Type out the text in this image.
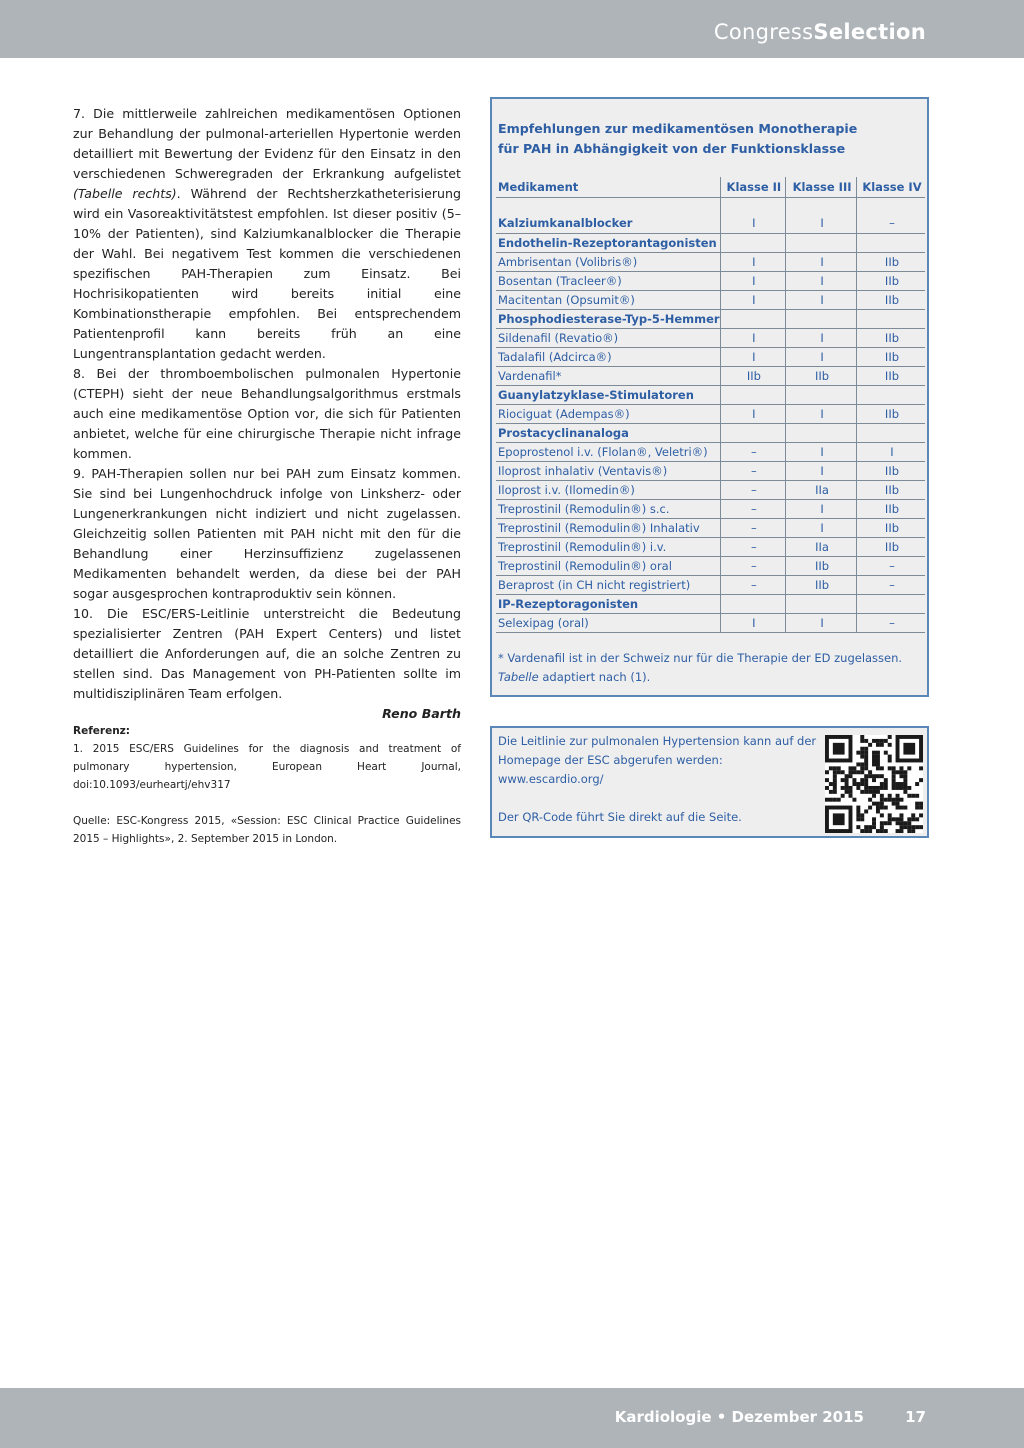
CongressSelection

7. Die mittlerweile zahlreichen medikamentösen Optionen zur Behandlung der pulmonal-arteriellen Hypertonie werden detailliert mit Bewertung der Evidenz für den Einsatz in den verschiedenen Schweregraden der Erkrankung aufgelistet (Tabelle rechts). Während der Rechtsherzkatheterisierung wird ein Vasoreaktivitätstest empfohlen. Ist dieser positiv (5–10% der Patienten), sind Kalziumkanalblocker die Therapie der Wahl. Bei negativem Test kommen die verschiedenen spezifischen PAH-Therapien zum Einsatz. Bei Hochrisikopatienten wird bereits initial eine Kombinationstherapie empfohlen. Bei entsprechendem Patientenprofil kann bereits früh an eine Lungentransplantation gedacht werden.

8. Bei der thromboembolischen pulmonalen Hypertonie (CTEPH) sieht der neue Behandlungsalgorithmus erstmals auch eine medikamentöse Option vor, die sich für Patienten anbietet, welche für eine chirurgische Therapie nicht infrage kommen.

9. PAH-Therapien sollen nur bei PAH zum Einsatz kommen. Sie sind bei Lungenhochdruck infolge von Linksherz- oder Lungenerkrankungen nicht indiziert und nicht zugelassen. Gleichzeitig sollen Patienten mit PAH nicht mit den für die Behandlung einer Herzinsuffizienz zugelassenen Medikamenten behandelt werden, da diese bei der PAH sogar ausgesprochen kontraproduktiv sein können.

10. Die ESC/ERS-Leitlinie unterstreicht die Bedeutung spezialisierter Zentren (PAH Expert Centers) und listet detailliert die Anforderungen auf, die an solche Zentren zu stellen sind. Das Management von PH-Patienten sollte im multidisziplinären Team erfolgen.

Reno Barth
Referenz:
1. 2015 ESC/ERS Guidelines for the diagnosis and treatment of pulmonary hypertension, European Heart Journal, doi:10.1093/eurheartj/ehv317
Quelle: ESC-Kongress 2015, «Session: ESC Clinical Practice Guidelines 2015 – Highlights», 2. September 2015 in London.
Empfehlungen zur medikamentösen Monotherapie
für PAH in Abhängigkeit von der Funktionsklasse
Medikament	Klasse II	Klasse III	Klasse IV

Kalziumkanalblocker	I	I	–
Endothelin-Rezeptorantagonisten			
Ambrisentan (Volibris®)	I	I	IIb
Bosentan (Tracleer®)	I	I	IIb
Macitentan (Opsumit®)	I	I	IIb
Phosphodiesterase-Typ-5-Hemmer			
Sildenafil (Revatio®)	I	I	IIb
Tadalafil (Adcirca®)	I	I	IIb
Vardenafil*	IIb	IIb	IIb
Guanylatzyklase-Stimulatoren			
Riociguat (Adempas®)	I	I	IIb
Prostacyclinanaloga			
Epoprostenol i.v. (Flolan®, Veletri®)	–	I	I
Iloprost inhalativ (Ventavis®)	–	I	IIb
Iloprost i.v. (Ilomedin®)	–	IIa	IIb
Treprostinil (Remodulin®) s.c.	–	I	IIb
Treprostinil (Remodulin®) Inhalativ	–	I	IIb
Treprostinil (Remodulin®) i.v.	–	IIa	IIb
Treprostinil (Remodulin®) oral	–	IIb	–
Beraprost (in CH nicht registriert)	–	IIb	–
IP-Rezeptoragonisten			
Selexipag (oral)	I	I	–
* Vardenafil ist in der Schweiz nur für die Therapie der ED zugelassen.
Tabelle adaptiert nach (1).
Die Leitlinie zur pulmonalen Hypertension kann auf der
Homepage der ESC abgerufen werden:
www.escardio.org/
Der QR-Code führt Sie direkt auf die Seite.
Kardiologie • Dezember 2015	17
